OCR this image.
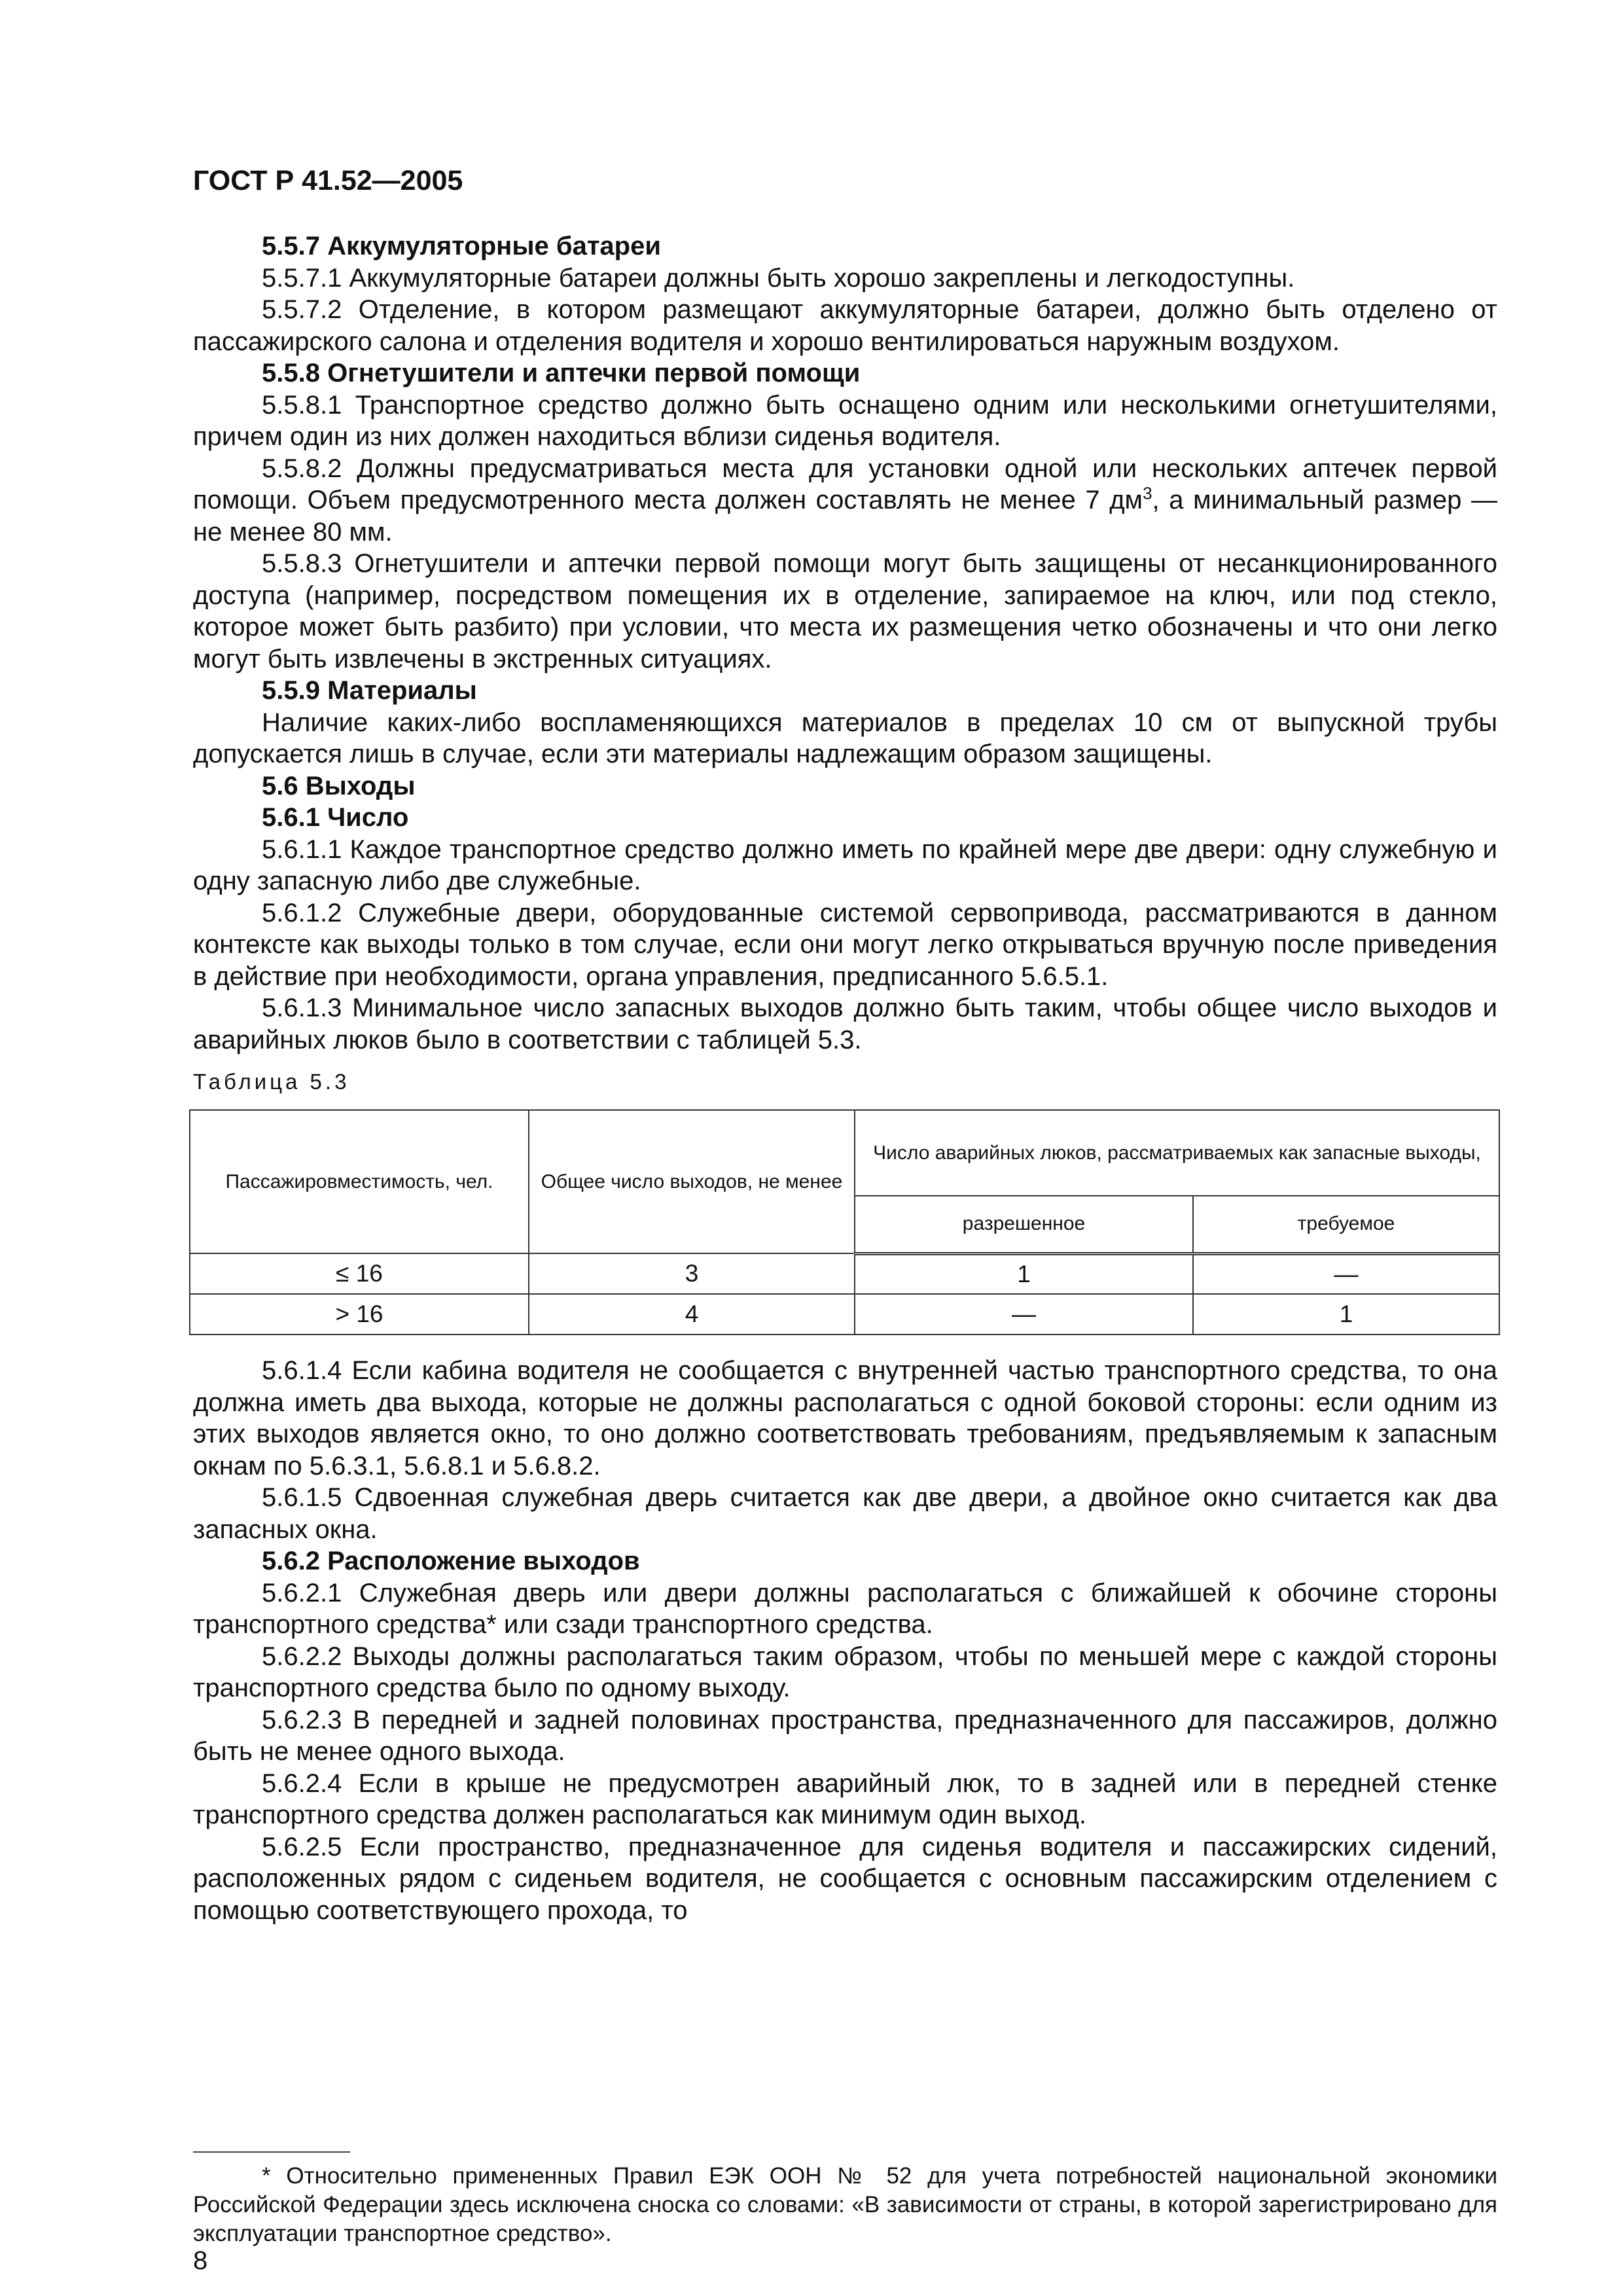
ГОСТ Р 41.52—2005

5.5.7 Аккумуляторные батареи

5.5.7.1 Аккумуляторные батареи должны быть хорошо закреплены и легкодоступны.

5.5.7.2 Отделение, в котором размещают аккумуляторные батареи, должно быть отделено от пассажирского салона и отделения водителя и хорошо вентилироваться наружным воздухом.

5.5.8 Огнетушители и аптечки первой помощи

5.5.8.1 Транспортное средство должно быть оснащено одним или несколькими огнетушителями, причем один из них должен находиться вблизи сиденья водителя.

5.5.8.2 Должны предусматриваться места для установки одной или нескольких аптечек первой помощи. Объем предусмотренного места должен составлять не менее 7 $дм^3$, а минимальный размер — не менее 80 мм.

5.5.8.3 Огнетушители и аптечки первой помощи могут быть защищены от несанкционированного доступа (например, посредством помещения их в отделение, запираемое на ключ, или под стекло, которое может быть разбито) при условии, что места их размещения четко обозначены и что они легко могут быть извлечены в экстренных ситуациях.

5.5.9 Материалы

Наличие каких-либо воспламеняющихся материалов в пределах 10 см от выпускной трубы допускается лишь в случае, если эти материалы надлежащим образом защищены.

5.6 Выходы

5.6.1 Число

5.6.1.1 Каждое транспортное средство должно иметь по крайней мере две двери: одну служебную и одну запасную либо две служебные.

5.6.1.2 Служебные двери, оборудованные системой сервопривода, рассматриваются в данном контексте как выходы только в том случае, если они могут легко открываться вручную после приведения в действие при необходимости, органа управления, предписанного 5.6.5.1.

5.6.1.3 Минимальное число запасных выходов должно быть таким, чтобы общее число выходов и аварийных люков было в соответствии с таблицей 5.3.

Таблица 5.3
Пассажировместимость, чел.	Общее число выходов, не менее	Число аварийных люков, рассматриваемых как запасные выходы,	
		разрешенное	требуемое
≤ 16	3	1	—
> 16	4	—	1

5.6.1.4 Если кабина водителя не сообщается с внутренней частью транспортного средства, то она должна иметь два выхода, которые не должны располагаться с одной боковой стороны: если одним из этих выходов является окно, то оно должно соответствовать требованиям, предъявляемым к запасным окнам по 5.6.3.1, 5.6.8.1 и 5.6.8.2.

5.6.1.5 Сдвоенная служебная дверь считается как две двери, а двойное окно считается как два запасных окна.

5.6.2 Расположение выходов

5.6.2.1 Служебная дверь или двери должны располагаться с ближайшей к обочине стороны транспортного средства* или сзади транспортного средства.

5.6.2.2 Выходы должны располагаться таким образом, чтобы по меньшей мере с каждой стороны транспортного средства было по одному выходу.

5.6.2.3 В передней и задней половинах пространства, предназначенного для пассажиров, должно быть не менее одного выхода.

5.6.2.4 Если в крыше не предусмотрен аварийный люк, то в задней или в передней стенке транспортного средства должен располагаться как минимум один выход.

5.6.2.5 Если пространство, предназначенное для сиденья водителя и пассажирских сидений, расположенных рядом с сиденьем водителя, не сообщается с основным пассажирским отделением с помощью соответствующего прохода, то

* Относительно примененных Правил ЕЭК ООН № 52 для учета потребностей национальной экономики Российской Федерации здесь исключена сноска со словами: «В зависимости от страны, в которой зарегистрировано для эксплуатации транспортное средство».
8
